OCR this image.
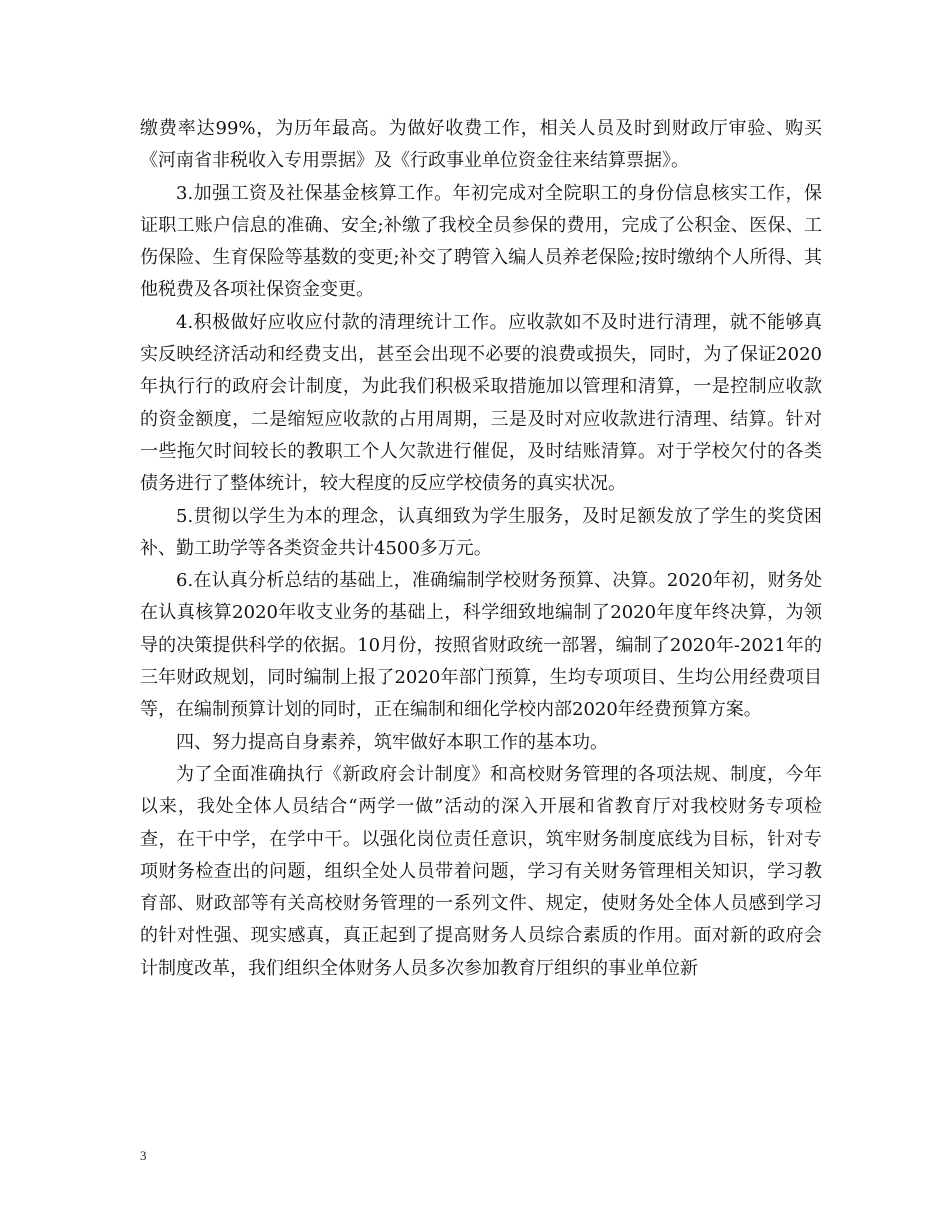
缴费率达99%，为历年最高。为做好收费工作，相关人员及时到财政厅审验、购买《河南省非税收入专用票据》及《行政事业单位资金往来结算票据》。

3.加强工资及社保基金核算工作。年初完成对全院职工的身份信息核实工作，保证职工账户信息的准确、安全;补缴了我校全员参保的费用，完成了公积金、医保、工伤保险、生育保险等基数的变更;补交了聘管入编人员养老保险;按时缴纳个人所得、其他税费及各项社保资金变更。

4.积极做好应收应付款的清理统计工作。应收款如不及时进行清理，就不能够真实反映经济活动和经费支出，甚至会出现不必要的浪费或损失，同时，为了保证2020年执行行的政府会计制度，为此我们积极采取措施加以管理和清算，一是控制应收款的资金额度，二是缩短应收款的占用周期，三是及时对应收款进行清理、结算。针对一些拖欠时间较长的教职工个人欠款进行催促，及时结账清算。对于学校欠付的各类债务进行了整体统计，较大程度的反应学校债务的真实状况。

5.贯彻以学生为本的理念，认真细致为学生服务，及时足额发放了学生的奖贷困补、勤工助学等各类资金共计4500多万元。

6.在认真分析总结的基础上，准确编制学校财务预算、决算。2020年初，财务处在认真核算2020年收支业务的基础上，科学细致地编制了2020年度年终决算，为领导的决策提供科学的依据。10月份，按照省财政统一部署，编制了2020年-2021年的三年财政规划，同时编制上报了2020年部门预算，生均专项项目、生均公用经费项目等，在编制预算计划的同时，正在编制和细化学校内部2020年经费预算方案。

四、努力提高自身素养，筑牢做好本职工作的基本功。

为了全面准确执行《新政府会计制度》和高校财务管理的各项法规、制度，今年以来，我处全体人员结合“两学一做”活动的深入开展和省教育厅对我校财务专项检查，在干中学，在学中干。以强化岗位责任意识，筑牢财务制度底线为目标，针对专项财务检查出的问题，组织全处人员带着问题，学习有关财务管理相关知识，学习教育部、财政部等有关高校财务管理的一系列文件、规定，使财务处全体人员感到学习的针对性强、现实感真，真正起到了提高财务人员综合素质的作用。面对新的政府会计制度改革，我们组织全体财务人员多次参加教育厅组织的事业单位新

3
